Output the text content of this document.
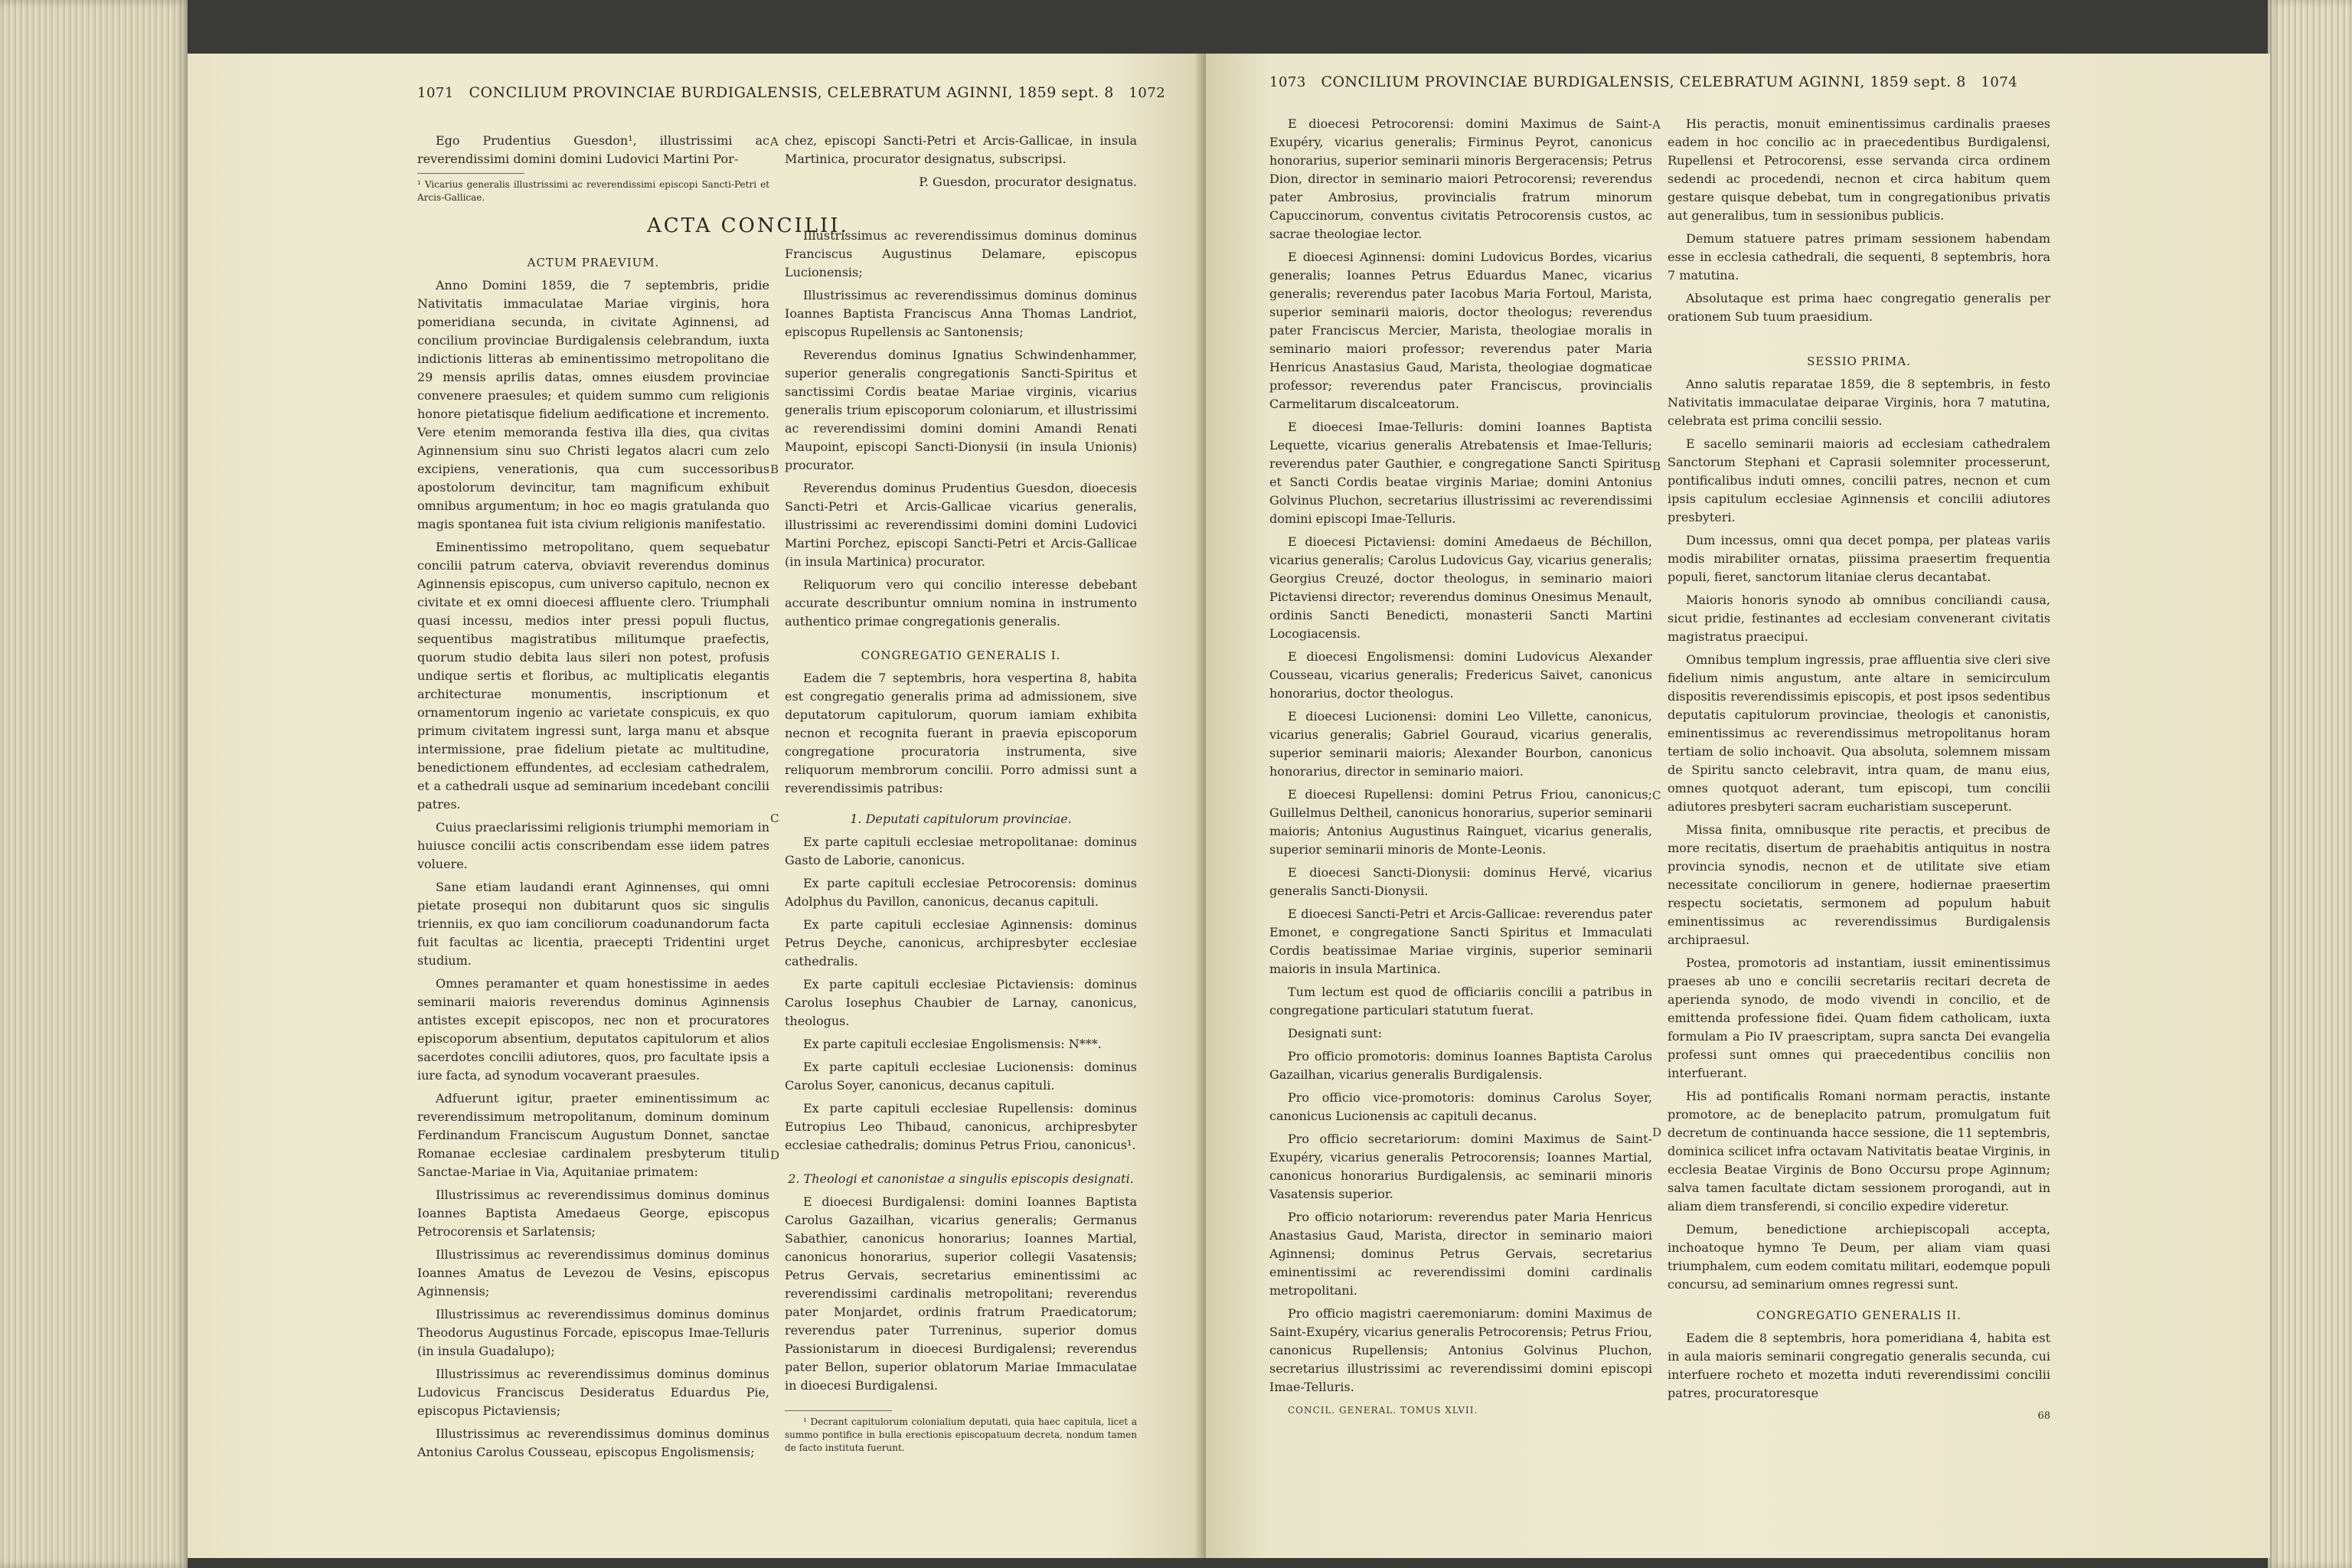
1071 CONCILIUM PROVINCIAE BURDIGALENSIS, CELEBRATUM AGINNI, 1859 sept. 8 1072

Ego Prudentius Guesdon¹, illustrissimi ac reverendissimi domini domini Ludovici Martini Por-

¹ Vicarius generalis illustrissimi ac reverendissimi episcopi Sancti-Petri et Arcis-Gallicae.

ACTUM PRAEVIUM.

Anno Domini 1859, die 7 septembris, pridie Nativitatis immaculatae Mariae virginis, hora pomeridiana secunda, in civitate Aginnensi, ad concilium provinciae Burdigalensis celebrandum, iuxta indictionis litteras ab eminentissimo metropolitano die 29 mensis aprilis datas, omnes eiusdem provinciae convenere praesules; et quidem summo cum religionis honore pietatisque fidelium aedificatione et incremento. Vere etenim memoranda festiva illa dies, qua civitas Aginnensium sinu suo Christi legatos alacri cum zelo excipiens, venerationis, qua cum successoribus apostolorum devincitur, tam magnificum exhibuit omnibus argumentum; in hoc eo magis gratulanda quo magis spontanea fuit ista civium religionis manifestatio.

Eminentissimo metropolitano, quem sequebatur concilii patrum caterva, obviavit reverendus dominus Aginnensis episcopus, cum universo capitulo, necnon ex civitate et ex omni dioecesi affluente clero. Triumphali quasi incessu, medios inter pressi populi fluctus, sequentibus magistratibus militumque praefectis, quorum studio debita laus sileri non potest, profusis undique sertis et floribus, ac multiplicatis elegantis architecturae monumentis, inscriptionum et ornamentorum ingenio ac varietate conspicuis, ex quo primum civitatem ingressi sunt, larga manu et absque intermissione, prae fidelium pietate ac multitudine, benedictionem effundentes, ad ecclesiam cathedralem, et a cathedrali usque ad seminarium incedebant concilii patres.

Cuius praeclarissimi religionis triumphi memoriam in huiusce concilii actis conscribendam esse iidem patres voluere.

Sane etiam laudandi erant Aginnenses, qui omni pietate prosequi non dubitarunt quos sic singulis trienniis, ex quo iam conciliorum coadunandorum facta fuit facultas ac licentia, praecepti Tridentini urget studium.

Omnes peramanter et quam honestissime in aedes seminarii maioris reverendus dominus Aginnensis antistes excepit episcopos, nec non et procuratores episcoporum absentium, deputatos capitulorum et alios sacerdotes concilii adiutores, quos, pro facultate ipsis a iure facta, ad synodum vocaverant praesules.

Adfuerunt igitur, praeter eminentissimum ac reverendissimum metropolitanum, dominum dominum Ferdinandum Franciscum Augustum Donnet, sanctae Romanae ecclesiae cardinalem presbyterum tituli Sanctae-Mariae in Via, Aquitaniae primatem:

Illustrissimus ac reverendissimus dominus dominus Ioannes Baptista Amedaeus George, episcopus Petrocorensis et Sarlatensis;

Illustrissimus ac reverendissimus dominus dominus Ioannes Amatus de Levezou de Vesins, episcopus Aginnensis;

Illustrissimus ac reverendissimus dominus dominus Theodorus Augustinus Forcade, episcopus Imae-Telluris (in insula Guadalupo);

Illustrissimus ac reverendissimus dominus dominus Ludovicus Franciscus Desideratus Eduardus Pie, episcopus Pictaviensis;

Illustrissimus ac reverendissimus dominus dominus Antonius Carolus Cousseau, episcopus Engolismensis;

ACTA CONCILII.

chez, episcopi Sancti-Petri et Arcis-Gallicae, in insula Martinica, procurator designatus, subscripsi.

P. Guesdon, procurator designatus.

Illustrissimus ac reverendissimus dominus dominus Franciscus Augustinus Delamare, episcopus Lucionensis;

Illustrissimus ac reverendissimus dominus dominus Ioannes Baptista Franciscus Anna Thomas Landriot, episcopus Rupellensis ac Santonensis;

Reverendus dominus Ignatius Schwindenhammer, superior generalis congregationis Sancti-Spiritus et sanctissimi Cordis beatae Mariae virginis, vicarius generalis trium episcoporum coloniarum, et illustrissimi ac reverendissimi domini domini Amandi Renati Maupoint, episcopi Sancti-Dionysii (in insula Unionis) procurator.

Reverendus dominus Prudentius Guesdon, dioecesis Sancti-Petri et Arcis-Gallicae vicarius generalis, illustrissimi ac reverendissimi domini domini Ludovici Martini Porchez, episcopi Sancti-Petri et Arcis-Gallicae (in insula Martinica) procurator.

Reliquorum vero qui concilio interesse debebant accurate describuntur omnium nomina in instrumento authentico primae congregationis generalis.

CONGREGATIO GENERALIS I.

Eadem die 7 septembris, hora vespertina 8, habita est congregatio generalis prima ad admissionem, sive deputatorum capitulorum, quorum iamiam exhibita necnon et recognita fuerant in praevia episcoporum congregatione procuratoria instrumenta, sive reliquorum membrorum concilii. Porro admissi sunt a reverendissimis patribus:

1. Deputati capitulorum provinciae.

Ex parte capituli ecclesiae metropolitanae: dominus Gasto de Laborie, canonicus.

Ex parte capituli ecclesiae Petrocorensis: dominus Adolphus du Pavillon, canonicus, decanus capituli.

Ex parte capituli ecclesiae Aginnensis: dominus Petrus Deyche, canonicus, archipresbyter ecclesiae cathedralis.

Ex parte capituli ecclesiae Pictaviensis: dominus Carolus Iosephus Chaubier de Larnay, canonicus, theologus.

Ex parte capituli ecclesiae Engolismensis: N***.

Ex parte capituli ecclesiae Lucionensis: dominus Carolus Soyer, canonicus, decanus capituli.

Ex parte capituli ecclesiae Rupellensis: dominus Eutropius Leo Thibaud, canonicus, archipresbyter ecclesiae cathedralis; dominus Petrus Friou, canonicus¹.

2. Theologi et canonistae a singulis episcopis designati.

E dioecesi Burdigalensi: domini Ioannes Baptista Carolus Gazailhan, vicarius generalis; Germanus Sabathier, canonicus honorarius; Ioannes Martial, canonicus honorarius, superior collegii Vasatensis; Petrus Gervais, secretarius eminentissimi ac reverendissimi cardinalis metropolitani; reverendus pater Monjardet, ordinis fratrum Praedicatorum; reverendus pater Turreninus, superior domus Passionistarum in dioecesi Burdigalensi; reverendus pater Bellon, superior oblatorum Mariae Immaculatae in dioecesi Burdigalensi.

¹ Decrant capitulorum colonialium deputati, quia haec capitula, licet a summo pontifice in bulla erectionis episcopatuum decreta, nondum tamen de facto instituta fuerunt.

A
B
C
D
1073 CONCILIUM PROVINCIAE BURDIGALENSIS, CELEBRATUM AGINNI, 1859 sept. 8 1074

E dioecesi Petrocorensi: domini Maximus de Saint-Exupéry, vicarius generalis; Firminus Peyrot, canonicus honorarius, superior seminarii minoris Bergeracensis; Petrus Dion, director in seminario maiori Petrocorensi; reverendus pater Ambrosius, provincialis fratrum minorum Capuccinorum, conventus civitatis Petrocorensis custos, ac sacrae theologiae lector.

E dioecesi Aginnensi: domini Ludovicus Bordes, vicarius generalis; Ioannes Petrus Eduardus Manec, vicarius generalis; reverendus pater Iacobus Maria Fortoul, Marista, superior seminarii maioris, doctor theologus; reverendus pater Franciscus Mercier, Marista, theologiae moralis in seminario maiori professor; reverendus pater Maria Henricus Anastasius Gaud, Marista, theologiae dogmaticae professor; reverendus pater Franciscus, provincialis Carmelitarum discalceatorum.

E dioecesi Imae-Telluris: domini Ioannes Baptista Lequette, vicarius generalis Atrebatensis et Imae-Telluris; reverendus pater Gauthier, e congregatione Sancti Spiritus et Sancti Cordis beatae virginis Mariae; domini Antonius Golvinus Pluchon, secretarius illustrissimi ac reverendissimi domini episcopi Imae-Telluris.

E dioecesi Pictaviensi: domini Amedaeus de Béchillon, vicarius generalis; Carolus Ludovicus Gay, vicarius generalis; Georgius Creuzé, doctor theologus, in seminario maiori Pictaviensi director; reverendus dominus Onesimus Menault, ordinis Sancti Benedicti, monasterii Sancti Martini Locogiacensis.

E dioecesi Engolismensi: domini Ludovicus Alexander Cousseau, vicarius generalis; Fredericus Saivet, canonicus honorarius, doctor theologus.

E dioecesi Lucionensi: domini Leo Villette, canonicus, vicarius generalis; Gabriel Gouraud, vicarius generalis, superior seminarii maioris; Alexander Bourbon, canonicus honorarius, director in seminario maiori.

E dioecesi Rupellensi: domini Petrus Friou, canonicus; Guillelmus Deltheil, canonicus honorarius, superior seminarii maioris; Antonius Augustinus Rainguet, vicarius generalis, superior seminarii minoris de Monte-Leonis.

E dioecesi Sancti-Dionysii: dominus Hervé, vicarius generalis Sancti-Dionysii.

E dioecesi Sancti-Petri et Arcis-Gallicae: reverendus pater Emonet, e congregatione Sancti Spiritus et Immaculati Cordis beatissimae Mariae virginis, superior seminarii maioris in insula Martinica.

Tum lectum est quod de officiariis concilii a patribus in congregatione particulari statutum fuerat.

Designati sunt:

Pro officio promotoris: dominus Ioannes Baptista Carolus Gazailhan, vicarius generalis Burdigalensis.

Pro officio vice-promotoris: dominus Carolus Soyer, canonicus Lucionensis ac capituli decanus.

Pro officio secretariorum: domini Maximus de Saint-Exupéry, vicarius generalis Petrocorensis; Ioannes Martial, canonicus honorarius Burdigalensis, ac seminarii minoris Vasatensis superior.

Pro officio notariorum: reverendus pater Maria Henricus Anastasius Gaud, Marista, director in seminario maiori Aginnensi; dominus Petrus Gervais, secretarius eminentissimi ac reverendissimi domini cardinalis metropolitani.

Pro officio magistri caeremoniarum: domini Maximus de Saint-Exupéry, vicarius generalis Petrocorensis; Petrus Friou, canonicus Rupellensis; Antonius Golvinus Pluchon, secretarius illustrissimi ac reverendissimi domini episcopi Imae-Telluris.

CONCIL. GENERAL. TOMUS XLVII.

A
B
C
D

His peractis, monuit eminentissimus cardinalis praeses eadem in hoc concilio ac in praecedentibus Burdigalensi, Rupellensi et Petrocorensi, esse servanda circa ordinem sedendi ac procedendi, necnon et circa habitum quem gestare quisque debebat, tum in congregationibus privatis aut generalibus, tum in sessionibus publicis.

Demum statuere patres primam sessionem habendam esse in ecclesia cathedrali, die sequenti, 8 septembris, hora 7 matutina.

Absolutaque est prima haec congregatio generalis per orationem Sub tuum praesidium.

SESSIO PRIMA.

Anno salutis reparatae 1859, die 8 septembris, in festo Nativitatis immaculatae deiparae Virginis, hora 7 matutina, celebrata est prima concilii sessio.

E sacello seminarii maioris ad ecclesiam cathedralem Sanctorum Stephani et Caprasii solemniter processerunt, pontificalibus induti omnes, concilii patres, necnon et cum ipsis capitulum ecclesiae Aginnensis et concilii adiutores presbyteri.

Dum incessus, omni qua decet pompa, per plateas variis modis mirabiliter ornatas, piissima praesertim frequentia populi, fieret, sanctorum litaniae clerus decantabat.

Maioris honoris synodo ab omnibus conciliandi causa, sicut pridie, festinantes ad ecclesiam convenerant civitatis magistratus praecipui.

Omnibus templum ingressis, prae affluentia sive cleri sive fidelium nimis angustum, ante altare in semicirculum dispositis reverendissimis episcopis, et post ipsos sedentibus deputatis capitulorum provinciae, theologis et canonistis, eminentissimus ac reverendissimus metropolitanus horam tertiam de solio inchoavit. Qua absoluta, solemnem missam de Spiritu sancto celebravit, intra quam, de manu eius, omnes quotquot aderant, tum episcopi, tum concilii adiutores presbyteri sacram eucharistiam susceperunt.

Missa finita, omnibusque rite peractis, et precibus de more recitatis, disertum de praehabitis antiquitus in nostra provincia synodis, necnon et de utilitate sive etiam necessitate conciliorum in genere, hodiernae praesertim respectu societatis, sermonem ad populum habuit eminentissimus ac reverendissimus Burdigalensis archipraesul.

Postea, promotoris ad instantiam, iussit eminentissimus praeses ab uno e concilii secretariis recitari decreta de aperienda synodo, de modo vivendi in concilio, et de emittenda professione fidei. Quam fidem catholicam, iuxta formulam a Pio IV praescriptam, supra sancta Dei evangelia professi sunt omnes qui praecedentibus conciliis non interfuerant.

His ad pontificalis Romani normam peractis, instante promotore, ac de beneplacito patrum, promulgatum fuit decretum de continuanda hacce sessione, die 11 septembris, dominica scilicet infra octavam Nativitatis beatae Virginis, in ecclesia Beatae Virginis de Bono Occursu prope Aginnum; salva tamen facultate dictam sessionem prorogandi, aut in aliam diem transferendi, si concilio expedire videretur.

Demum, benedictione archiepiscopali accepta, inchoatoque hymno Te Deum, per aliam viam quasi triumphalem, cum eodem comitatu militari, eodemque populi concursu, ad seminarium omnes regressi sunt.

CONGREGATIO GENERALIS II.

Eadem die 8 septembris, hora pomeridiana 4, habita est in aula maioris seminarii congregatio generalis secunda, cui interfuere rocheto et mozetta induti reverendissimi concilii patres, procuratoresque

68
